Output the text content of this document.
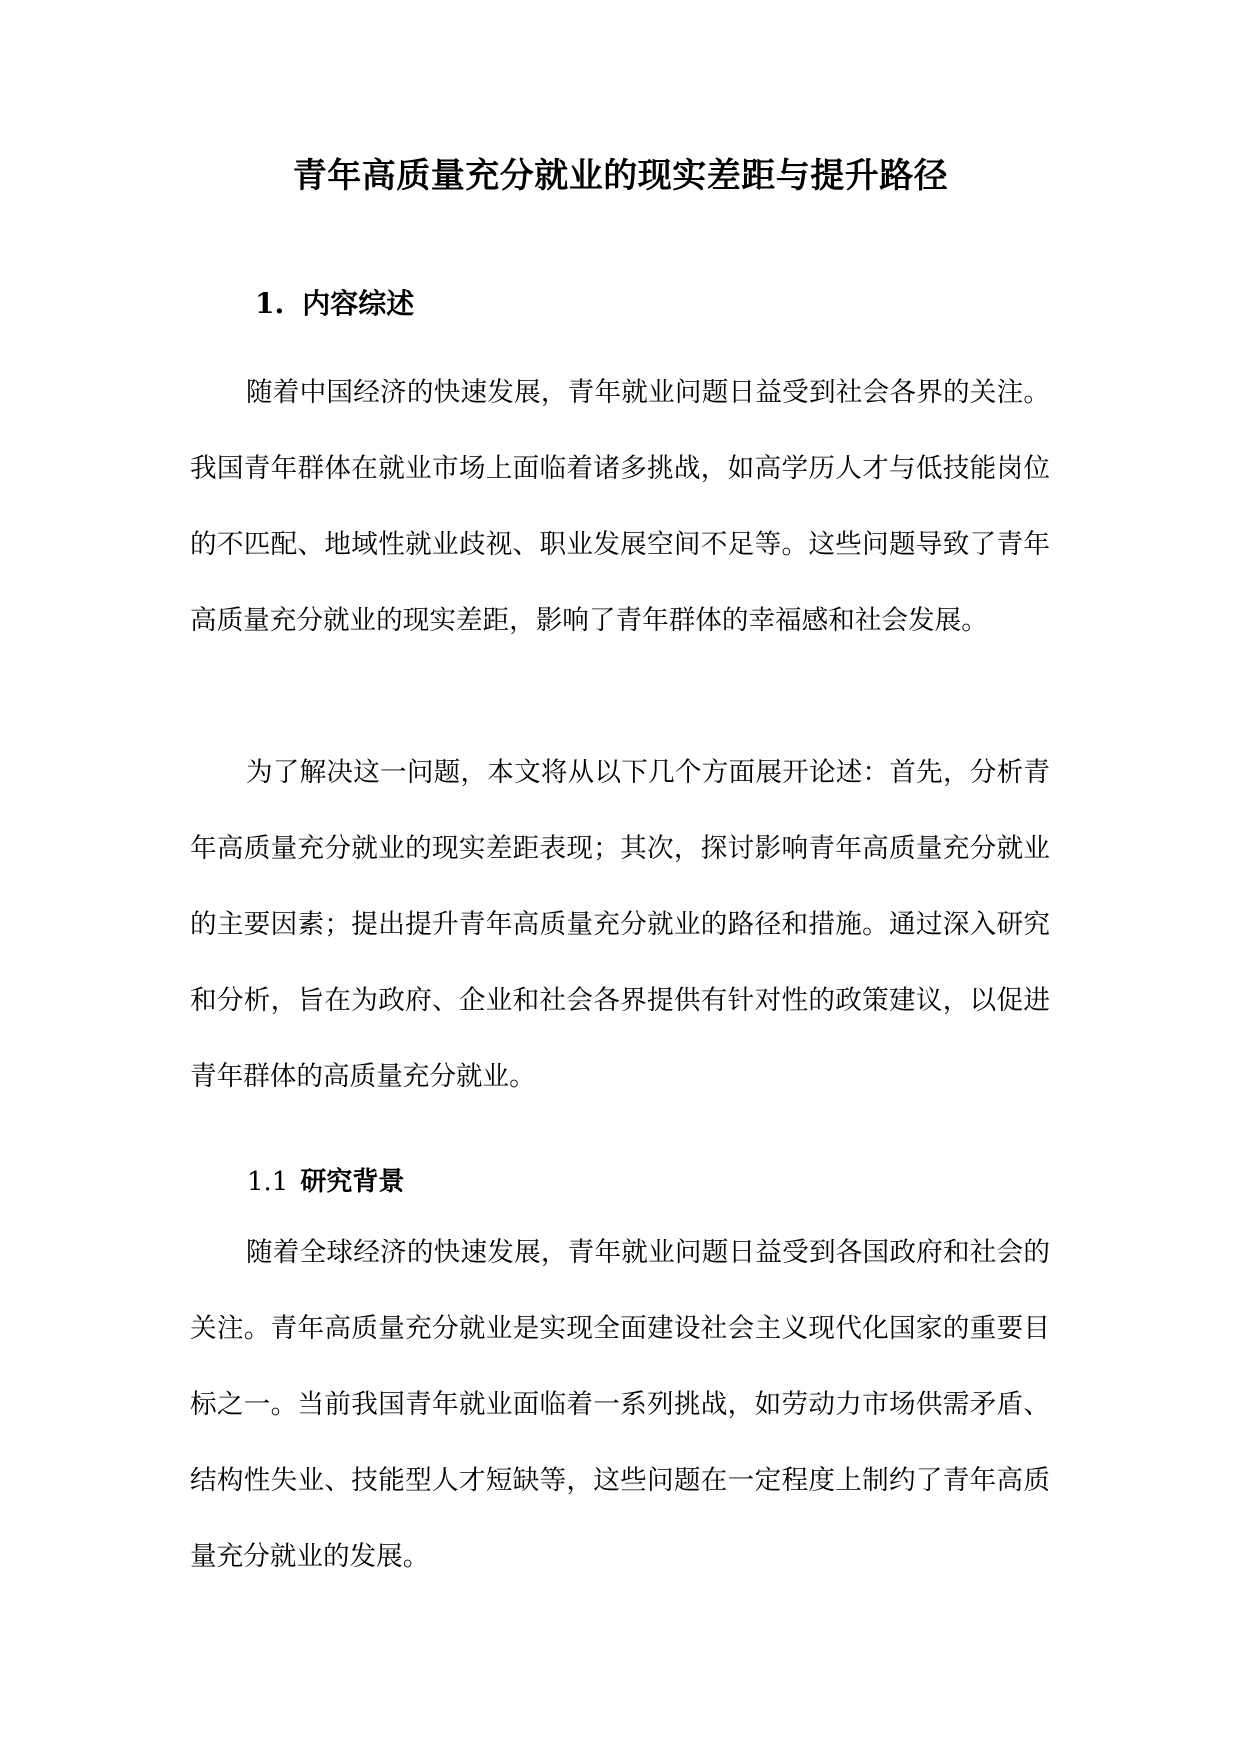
青年高质量充分就业的现实差距与提升路径
1. 内容综述

随着中国经济的快速发展，青年就业问题日益受到社会各界的关注。我国青年群体在就业市场上面临着诸多挑战，如高学历人才与低技能岗位的不匹配、地域性就业歧视、职业发展空间不足等。这些问题导致了青年高质量充分就业的现实差距，影响了青年群体的幸福感和社会发展。

为了解决这一问题，本文将从以下几个方面展开论述：首先，分析青年高质量充分就业的现实差距表现；其次，探讨影响青年高质量充分就业的主要因素；提出提升青年高质量充分就业的路径和措施。通过深入研究和分析，旨在为政府、企业和社会各界提供有针对性的政策建议，以促进青年群体的高质量充分就业。

1.1 研究背景

随着全球经济的快速发展，青年就业问题日益受到各国政府和社会的关注。青年高质量充分就业是实现全面建设社会主义现代化国家的重要目标之一。当前我国青年就业面临着一系列挑战，如劳动力市场供需矛盾、结构性失业、技能型人才短缺等，这些问题在一定程度上制约了青年高质量充分就业的发展。
